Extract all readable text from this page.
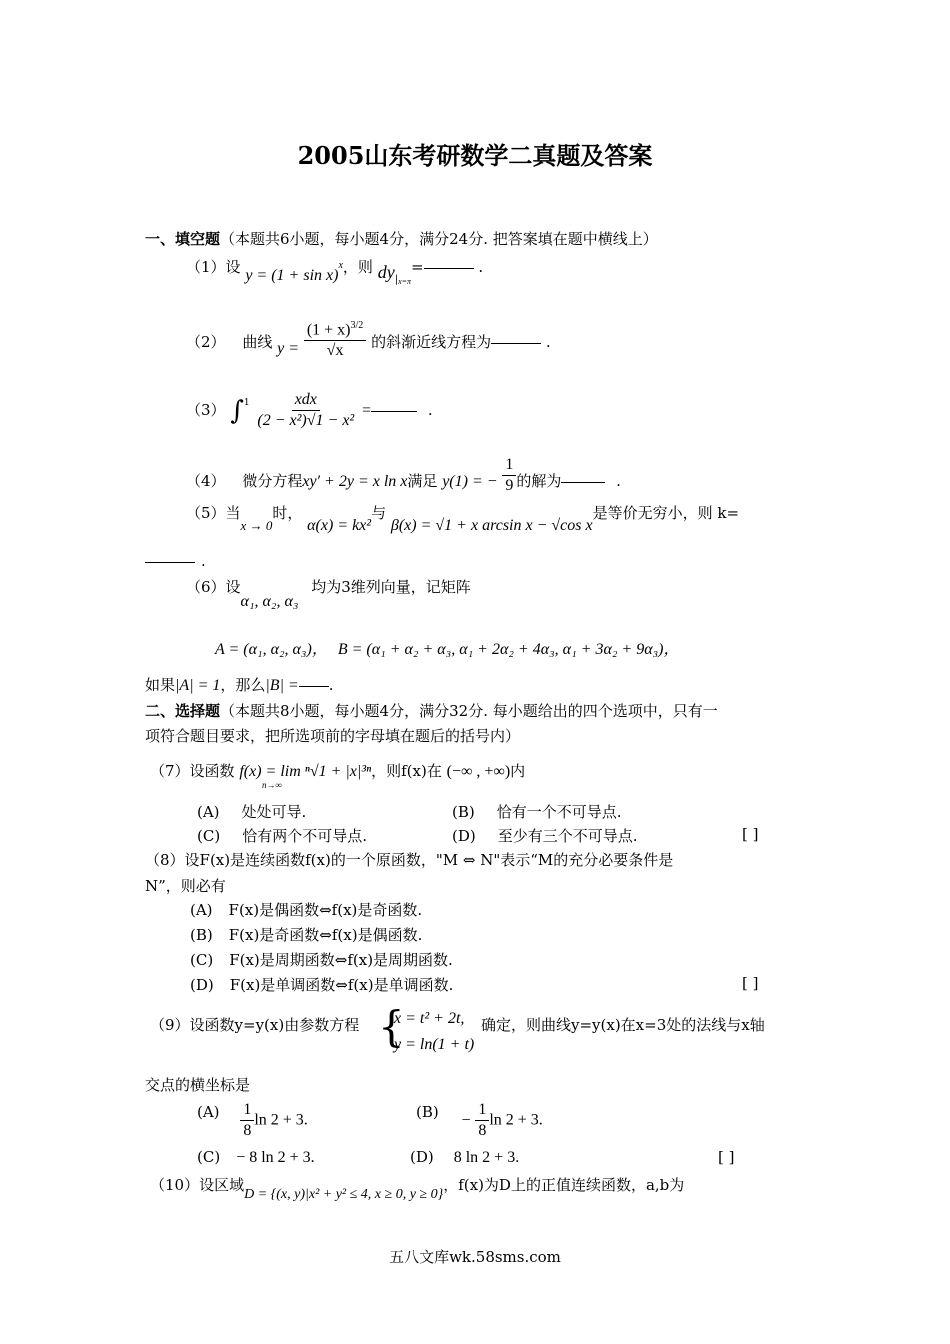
2005山东考研数学二真题及答案
一、填空题（本题共6小题，每小题4分，满分24分. 把答案填在题中横线上）
（1）设 $y = (1 + \sin x)^x$，则 $dy_{|x=\pi}=$	.
（2） 曲线 $y = \frac{(1 + x)^{3/2}}{√x}$ 的斜渐近线方程为	.
（3） $\int^1 \frac{\text{xdx}}{\text{(2 − x²)√1 − x²}}$ =	.
（4） 微分方程xy′ + 2y = x ln x满足 y(1) = − $\frac{1}{9}$ 的解为	.
（5）当x → 0时， α(x) = kx²与 β(x) = √1 + x arcsin x − √cos x是等价无穷小，则 k=
.
（6）设α₁, α₂, α₃ 均为3维列向量，记矩阵
A = (α₁, α₂, α₃)， B = (α₁ + α₂ + α₃, α₁ + 2α₂ + 4α₃, α₁ + 3α₂ + 9α₃)，
如果|A| = 1，那么|B| = .
二、选择题（本题共8小题，每小题4分，满分32分. 每小题给出的四个选项中，只有一
项符合题目要求，把所选项前的字母填在题后的括号内）
（7）设函数 f(x) = lim ⁿ√1 + |x|³ⁿ，则f(x)在 (−∞ , +∞)内
n→∞
(A) 处处可导.	(B) 恰有一个不可导点.
(C) 恰有两个不可导点.	(D) 至少有三个不可导点.	[ ]
（8）设F(x)是连续函数f(x)的一个原函数，"M ⇔ N"表示“M的充分必要条件是
N”，则必有
(A) F(x)是偶函数⇔f(x)是奇函数.
(B) F(x)是奇函数⇔f(x)是偶函数.
(C) F(x)是周期函数⇔f(x)是周期函数.
(D) F(x)是单调函数⇔f(x)是单调函数.	[ ]
（9）设函数y=y(x)由参数方程 {
x = t² + 2t,
y = ln(1 + t)
确定，则曲线y=y(x)在x=3处的法线与x轴
交点的横坐标是
$(A) \frac{1}{8}$ ln 2 + 3.	$(B) - \frac{1}{8}$ ln 2 + 3.
(C) − 8 ln 2 + 3.	(D) 8 ln 2 + 3.	[ ]
（10）设区域D = {(x, y)|x² + y² ≤ 4, x ≥ 0, y ≥ 0}，f(x)为D上的正值连续函数，a,b为
五八文库wk.58sms.com
